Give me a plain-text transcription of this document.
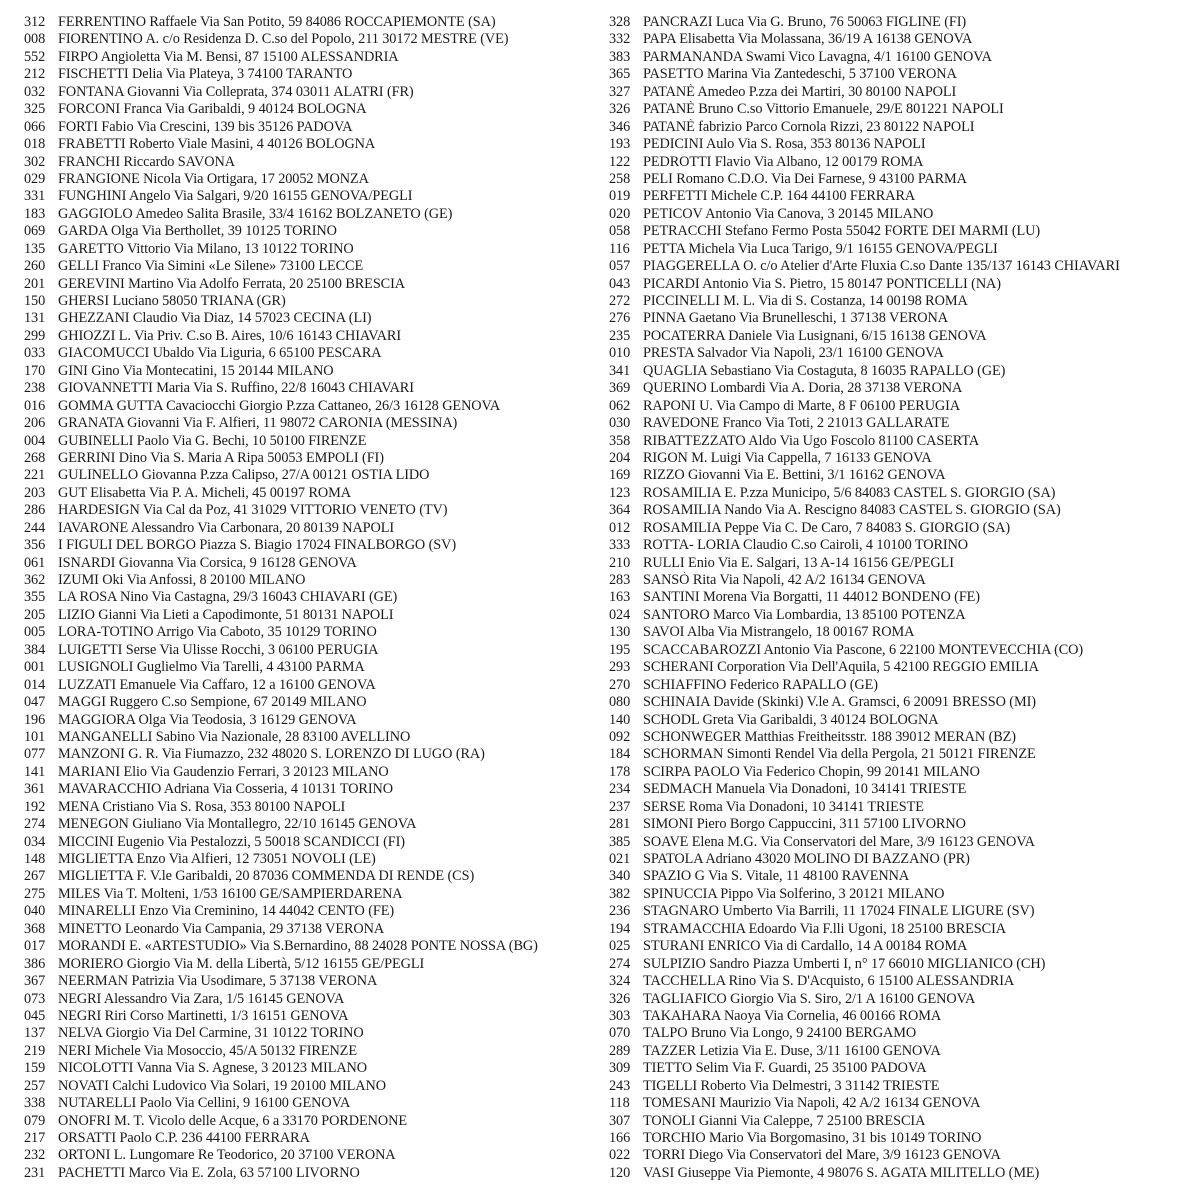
312 FERRENTINO Raffaele Via San Potito, 59 84086 ROCCAPIEMONTE (SA)
008 FIORENTINO A. c/o Residenza D. C.so del Popolo, 211 30172 MESTRE (VE)
552 FIRPO Angioletta Via M. Bensi, 87 15100 ALESSANDRIA
212 FISCHETTI Delia Via Plateya, 3 74100 TARANTO
032 FONTANA Giovanni Via Colleprata, 374 03011 ALATRI (FR)
325 FORCONI Franca Via Garibaldi, 9 40124 BOLOGNA
066 FORTI Fabio Via Crescini, 139 bis 35126 PADOVA
018 FRABETTI Roberto Viale Masini, 4 40126 BOLOGNA
302 FRANCHI Riccardo SAVONA
029 FRANGIONE Nicola Via Ortigara, 17 20052 MONZA
331 FUNGHINI Angelo Via Salgari, 9/20 16155 GENOVA/PEGLI
183 GAGGIOLO Amedeo Salita Brasile, 33/4 16162 BOLZANETO (GE)
069 GARDA Olga Via Berthollet, 39 10125 TORINO
135 GARETTO Vittorio Via Milano, 13 10122 TORINO
260 GELLI Franco Via Simini «Le Silene» 73100 LECCE
201 GEREVINI Martino Via Adolfo Ferrata, 20 25100 BRESCIA
150 GHERSI Luciano 58050 TRIANA (GR)
131 GHEZZANI Claudio Via Diaz, 14 57023 CECINA (LI)
299 GHIOZZI L. Via Priv. C.so B. Aires, 10/6 16143 CHIAVARI
033 GIACOMUCCI Ubaldo Via Liguria, 6 65100 PESCARA
170 GINI Gino Via Montecatini, 15 20144 MILANO
238 GIOVANNETTI Maria Via S. Ruffino, 22/8 16043 CHIAVARI
016 GOMMA GUTTA Cavaciocchi Giorgio P.zza Cattaneo, 26/3 16128 GENOVA
206 GRANATA Giovanni Via F. Alfieri, 11 98072 CARONIA (MESSINA)
004 GUBINELLI Paolo Via G. Bechi, 10 50100 FIRENZE
268 GERRINI Dino Via S. Maria A Ripa 50053 EMPOLI (FI)
221 GULINELLO Giovanna P.zza Calipso, 27/A 00121 OSTIA LIDO
203 GUT Elisabetta Via P. A. Micheli, 45 00197 ROMA
286 HARDESIGN Via Cal da Poz, 41 31029 VITTORIO VENETO (TV)
244 IAVARONE Alessandro Via Carbonara, 20 80139 NAPOLI
356 I FIGULI DEL BORGO Piazza S. Biagio 17024 FINALBORGO (SV)
061 ISNARDI Giovanna Via Corsica, 9 16128 GENOVA
362 IZUMI Oki Via Anfossi, 8 20100 MILANO
355 LA ROSA Nino Via Castagna, 29/3 16043 CHIAVARI (GE)
205 LIZIO Gianni Via Lieti a Capodimonte, 51 80131 NAPOLI
005 LORA-TOTINO Arrigo Via Caboto, 35 10129 TORINO
384 LUIGETTI Serse Via Ulisse Rocchi, 3 06100 PERUGIA
001 LUSIGNOLI Guglielmo Via Tarelli, 4 43100 PARMA
014 LUZZATI Emanuele Via Caffaro, 12 a 16100 GENOVA
047 MAGGI Ruggero C.so Sempione, 67 20149 MILANO
196 MAGGIORA Olga Via Teodosia, 3 16129 GENOVA
101 MANGANELLI Sabino Via Nazionale, 28 83100 AVELLINO
077 MANZONI G. R. Via Fiumazzo, 232 48020 S. LORENZO DI LUGO (RA)
141 MARIANI Elio Via Gaudenzio Ferrari, 3 20123 MILANO
361 MAVARACCHIO Adriana Via Cosseria, 4 10131 TORINO
192 MENA Cristiano Via S. Rosa, 353 80100 NAPOLI
274 MENEGON Giuliano Via Montallegro, 22/10 16145 GENOVA
034 MICCINI Eugenio Via Pestalozzi, 5 50018 SCANDICCI (FI)
148 MIGLIETTA Enzo Via Alfieri, 12 73051 NOVOLI (LE)
267 MIGLIETTA F. V.le Garibaldi, 20 87036 COMMENDA DI RENDE (CS)
275 MILES Via T. Molteni, 1/53 16100 GE/SAMPIERDARENA
040 MINARELLI Enzo Via Creminino, 14 44042 CENTO (FE)
368 MINETTO Leonardo Via Campania, 29 37138 VERONA
017 MORANDI E. «ARTESTUDIO» Via S.Bernardino, 88 24028 PONTE NOSSA (BG)
386 MORIERO Giorgio Via M. della Libertà, 5/12 16155 GE/PEGLI
367 NEERMAN Patrizia Via Usodimare, 5 37138 VERONA
073 NEGRI Alessandro Via Zara, 1/5 16145 GENOVA
045 NEGRI Riri Corso Martinetti, 1/3 16151 GENOVA
137 NELVA Giorgio Via Del Carmine, 31 10122 TORINO
219 NERI Michele Via Mosoccio, 45/A 50132 FIRENZE
159 NICOLOTTI Vanna Via S. Agnese, 3 20123 MILANO
257 NOVATI Calchi Ludovico Via Solari, 19 20100 MILANO
338 NUTARELLI Paolo Via Cellini, 9 16100 GENOVA
079 ONOFRI M. T. Vicolo delle Acque, 6 a 33170 PORDENONE
217 ORSATTI Paolo C.P. 236 44100 FERRARA
232 ORTONI L. Lungomare Re Teodorico, 20 37100 VERONA
231 PACHETTI Marco Via E. Zola, 63 57100 LIVORNO
328 PANCRAZI Luca Via G. Bruno, 76 50063 FIGLINE (FI)
332 PAPA Elisabetta Via Molassana, 36/19 A 16138 GENOVA
383 PARMANANDA Swami Vico Lavagna, 4/1 16100 GENOVA
365 PASETTO Marina Via Zantedeschi, 5 37100 VERONA
327 PATANÈ Amedeo P.zza dei Martiri, 30 80100 NAPOLI
326 PATANÈ Bruno C.so Vittorio Emanuele, 29/E 801221 NAPOLI
346 PATANÈ fabrizio Parco Cornola Rizzi, 23 80122 NAPOLI
193 PEDICINI Aulo Via S. Rosa, 353 80136 NAPOLI
122 PEDROTTI Flavio Via Albano, 12 00179 ROMA
258 PELI Romano C.D.O. Via Dei Farnese, 9 43100 PARMA
019 PERFETTI Michele C.P. 164 44100 FERRARA
020 PETICOV Antonio Via Canova, 3 20145 MILANO
058 PETRACCHI Stefano Fermo Posta 55042 FORTE DEI MARMI (LU)
116 PETTA Michela Via Luca Tarigo, 9/1 16155 GENOVA/PEGLI
057 PIAGGERELLA O. c/o Atelier d'Arte Fluxia C.so Dante 135/137 16143 CHIAVARI
043 PICARDI Antonio Via S. Pietro, 15 80147 PONTICELLI (NA)
272 PICCINELLI M. L. Via di S. Costanza, 14 00198 ROMA
276 PINNA Gaetano Via Brunelleschi, 1 37138 VERONA
235 POCATERRA Daniele Via Lusignani, 6/15 16138 GENOVA
010 PRESTA Salvador Via Napoli, 23/1 16100 GENOVA
341 QUAGLIA Sebastiano Via Costaguta, 8 16035 RAPALLO (GE)
369 QUERINO Lombardi Via A. Doria, 28 37138 VERONA
062 RAPONI U. Via Campo di Marte, 8 F 06100 PERUGIA
030 RAVEDONE Franco Via Toti, 2 21013 GALLARATE
358 RIBATTEZZATO Aldo Via Ugo Foscolo 81100 CASERTA
204 RIGON M. Luigi Via Cappella, 7 16133 GENOVA
169 RIZZO Giovanni Via E. Bettini, 3/1 16162 GENOVA
123 ROSAMILIA E. P.zza Municipo, 5/6 84083 CASTEL S. GIORGIO (SA)
364 ROSAMILIA Nando Via A. Rescigno 84083 CASTEL S. GIORGIO (SA)
012 ROSAMILIA Peppe Via C. De Caro, 7 84083 S. GIORGIO (SA)
333 ROTTA- LORIA Claudio C.so Cairoli, 4 10100 TORINO
210 RULLI Enio Via E. Salgari, 13 A-14 16156 GE/PEGLI
283 SANSÒ Rita Via Napoli, 42 A/2 16134 GENOVA
163 SANTINI Morena Via Borgatti, 11 44012 BONDENO (FE)
024 SANTORO Marco Via Lombardia, 13 85100 POTENZA
130 SAVOI Alba Via Mistrangelo, 18 00167 ROMA
195 SCACCABAROZZI Antonio Via Pascone, 6 22100 MONTEVECCHIA (CO)
293 SCHERANI Corporation Via Dell'Aquila, 5 42100 REGGIO EMILIA
270 SCHIAFFINO Federico RAPALLO (GE)
080 SCHINAIA Davide (Skinki) V.le A. Gramsci, 6 20091 BRESSO (MI)
140 SCHODL Greta Via Garibaldi, 3 40124 BOLOGNA
092 SCHONWEGER Matthias Freitheitsstr. 188 39012 MERAN (BZ)
184 SCHORMAN Simonti Rendel Via della Pergola, 21 50121 FIRENZE
178 SCIRPA PAOLO Via Federico Chopin, 99 20141 MILANO
234 SEDMACH Manuela Via Donadoni, 10 34141 TRIESTE
237 SERSE Roma Via Donadoni, 10 34141 TRIESTE
281 SIMONI Piero Borgo Cappuccini, 311 57100 LIVORNO
385 SOAVE Elena M.G. Via Conservatori del Mare, 3/9 16123 GENOVA
021 SPATOLA Adriano 43020 MOLINO DI BAZZANO (PR)
340 SPAZIO G Via S. Vitale, 11 48100 RAVENNA
382 SPINUCCIA Pippo Via Solferino, 3 20121 MILANO
236 STAGNARO Umberto Via Barrili, 11 17024 FINALE LIGURE (SV)
194 STRAMACCHIA Edoardo Via F.lli Ugoni, 18 25100 BRESCIA
025 STURANI ENRICO Via di Cardallo, 14 A 00184 ROMA
274 SULPIZIO Sandro Piazza Umberti I, n° 17 66010 MIGLIANICO (CH)
324 TACCHELLA Rino Via S. D'Acquisto, 6 15100 ALESSANDRIA
326 TAGLIAFICO Giorgio Via S. Siro, 2/1 A 16100 GENOVA
303 TAKAHARA Naoya Via Cornelia, 46 00166 ROMA
070 TALPO Bruno Via Longo, 9 24100 BERGAMO
289 TAZZER Letizia Via E. Duse, 3/11 16100 GENOVA
309 TIETTO Selim Via F. Guardi, 25 35100 PADOVA
243 TIGELLI Roberto Via Delmestri, 3 31142 TRIESTE
118 TOMESANI Maurizio Via Napoli, 42 A/2 16134 GENOVA
307 TONOLI Gianni Via Caleppe, 7 25100 BRESCIA
166 TORCHIO Mario Via Borgomasino, 31 bis 10149 TORINO
022 TORRI Diego Via Conservatori del Mare, 3/9 16123 GENOVA
120 VASI Giuseppe Via Piemonte, 4 98076 S. AGATA MILITELLO (ME)
